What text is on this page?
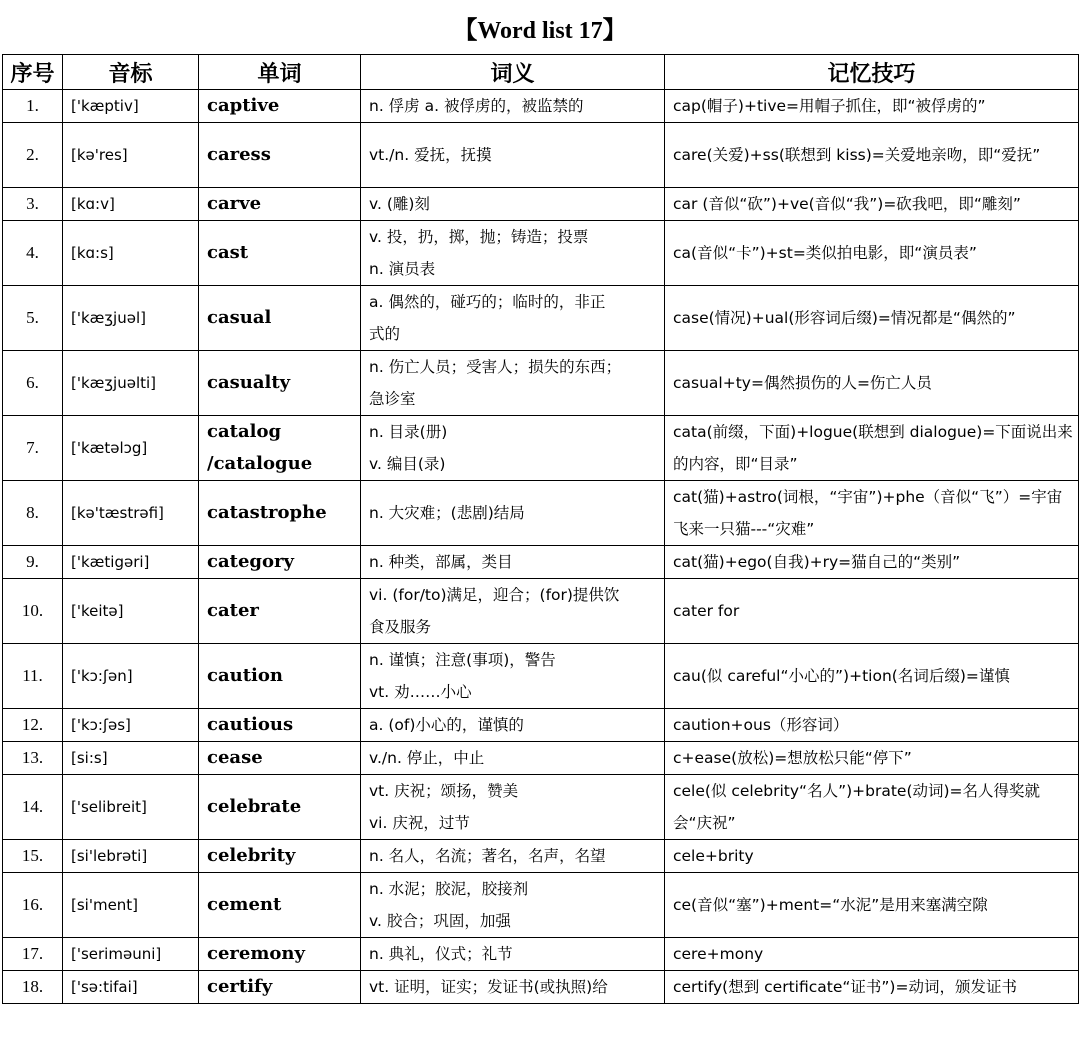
【Word list 17】
序号	音标	单词	词义	记忆技巧
1.	['kæptiv]	captive	n. 俘虏 a. 被俘虏的，被监禁的	cap(帽子)+tive=用帽子抓住，即“被俘虏的”

2.	[kə'res]	caress	vt./n. 爱抚，抚摸	care(关爱)+ss(联想到 kiss)=关爱地亲吻，即“爱抚”

3.	[kɑ:v]	carve	v. (雕)刻	car (音似“砍”)+ve(音似“我”)=砍我吧，即“雕刻”

4.	[kɑ:s]	cast	v. 投，扔，掷，抛；铸造；投票
n. 演员表	ca(音似“卡”)+st=类似拍电影，即“演员表”

5.	['kæʒjuəl]	casual	a. 偶然的，碰巧的；临时的，非正
式的	case(情况)+ual(形容词后缀)=情况都是“偶然的”

6.	['kæʒjuəlti]	casualty	n. 伤亡人员；受害人；损失的东西；
急诊室	casual+ty=偶然损伤的人=伤亡人员

7.	['kætəlɔg]	catalog
/catalogue	n. 目录(册)
v. 编目(录)	cata(前缀，下面)+logue(联想到 dialogue)=下面说出来的内容，即“目录”

8.	[kə'tæstrəfi]	catastrophe	n. 大灾难；(悲剧)结局	cat(猫)+astro(词根，“宇宙”)+phe（音似“飞”）=宇宙飞来一只猫---“灾难”

9.	['kætigəri]	category	n. 种类，部属，类目	cat(猫)+ego(自我)+ry=猫自己的“类别”

10.	['keitə]	cater	vi. (for/to)满足，迎合；(for)提供饮
食及服务	cater for

11.	['kɔ:ʃən]	caution	n. 谨慎；注意(事项)，警告
vt. 劝……小心	cau(似 careful“小心的”)+tion(名词后缀)=谨慎

12.	['kɔ:ʃəs]	cautious	a. (of)小心的，谨慎的	caution+ous（形容词）

13.	[si:s]	cease	v./n. 停止，中止	c+ease(放松)=想放松只能“停下”

14.	['selibreit]	celebrate	vt. 庆祝；颂扬，赞美
vi. 庆祝，过节	cele(似 celebrity“名人”)+brate(动词)=名人得奖就会“庆祝”

15.	[si'lebrəti]	celebrity	n. 名人，名流；著名，名声，名望	cele+brity

16.	[si'ment]	cement	n. 水泥；胶泥，胶接剂
v. 胶合；巩固，加强	ce(音似“塞”)+ment=“水泥”是用来塞满空隙

17.	['seriməuni]	ceremony	n. 典礼，仪式；礼节	cere+mony

18.	['sə:tifai]	certify	vt. 证明，证实；发证书(或执照)给	certify(想到 certificate“证书”)=动词，颁发证书
